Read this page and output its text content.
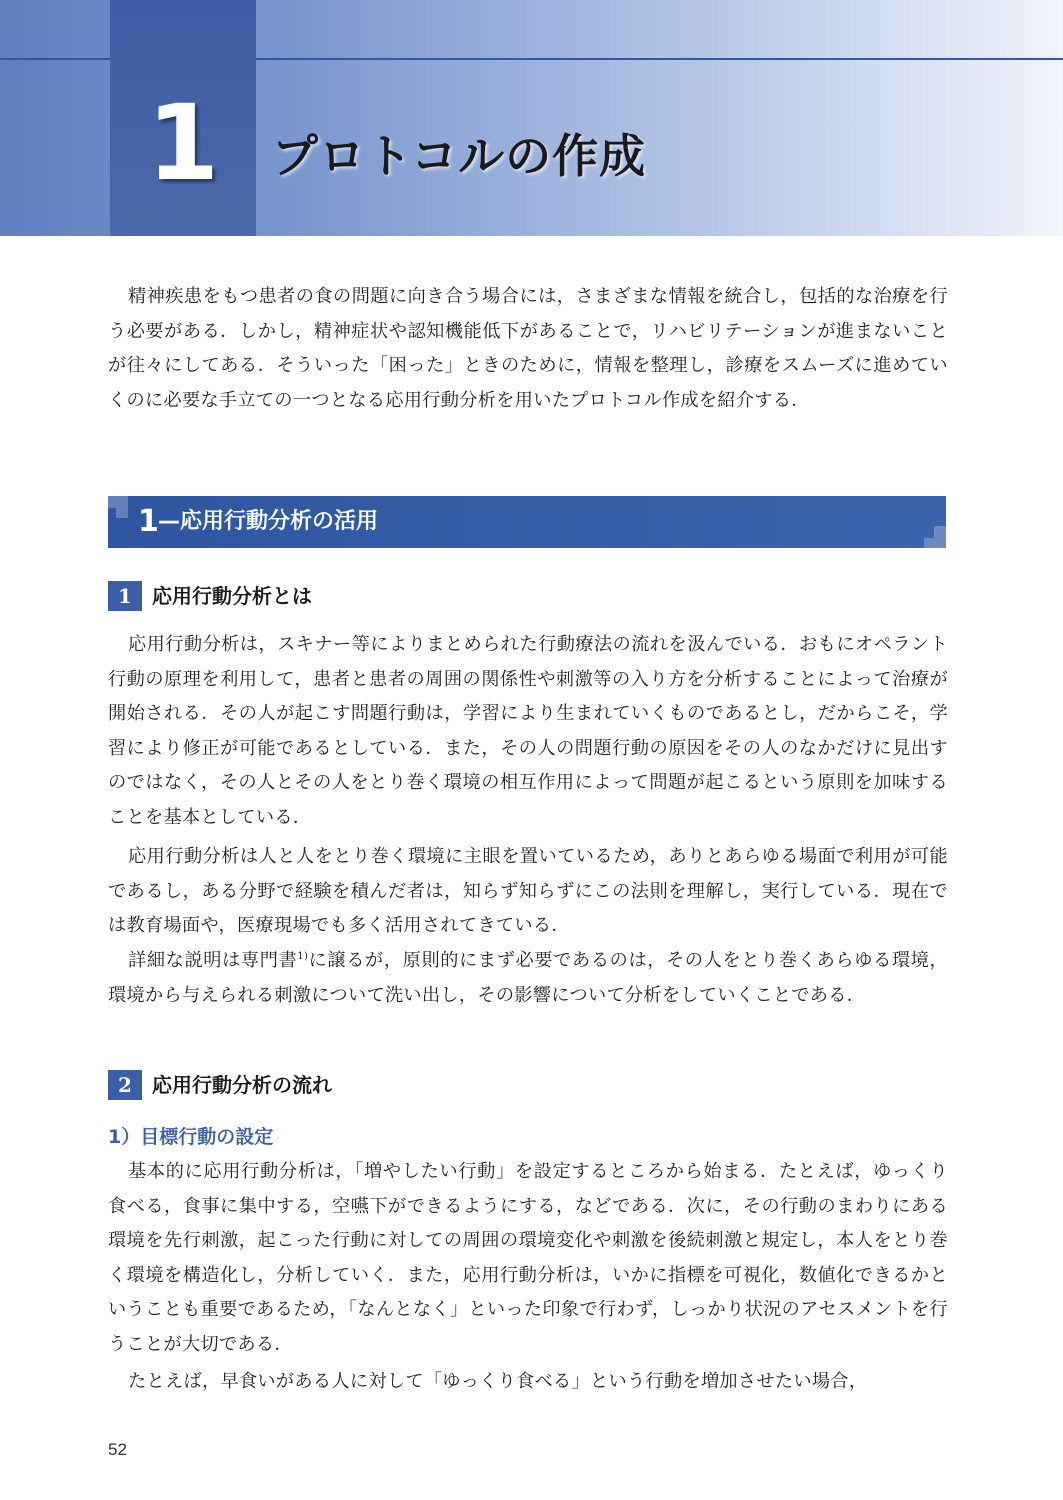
1	プロトコルの作成

精神疾患をもつ患者の食の問題に向き合う場合には，さまざまな情報を統合し，包括的な治療を行う必要がある．しかし，精神症状や認知機能低下があることで，リハビリテーションが進まないことが往々にしてある．そういった「困った」ときのために，情報を整理し，診療をスムーズに進めていくのに必要な手立ての一つとなる応用行動分析を用いたプロトコル作成を紹介する．

1 —応用行動分析の活用
1	応用行動分析とは

応用行動分析は，スキナー等によりまとめられた行動療法の流れを汲んでいる．おもにオペラント行動の原理を利用して，患者と患者の周囲の関係性や刺激等の入り方を分析することによって治療が開始される．その人が起こす問題行動は，学習により生まれていくものであるとし，だからこそ，学習により修正が可能であるとしている．また，その人の問題行動の原因をその人のなかだけに見出すのではなく，その人とその人をとり巻く環境の相互作用によって問題が起こるという原則を加味することを基本としている．

応用行動分析は人と人をとり巻く環境に主眼を置いているため，ありとあらゆる場面で利用が可能であるし，ある分野で経験を積んだ者は，知らず知らずにこの法則を理解し，実行している．現在では教育場面や，医療現場でも多く活用されてきている．

詳細な説明は専門書$^{1)}$に譲るが，原則的にまず必要であるのは，その人をとり巻くあらゆる環境，環境から与えられる刺激について洗い出し，その影響について分析をしていくことである．

2	応用行動分析の流れ
1）目標行動の設定

基本的に応用行動分析は，「増やしたい行動」を設定するところから始まる．たとえば，ゆっくり食べる，食事に集中する，空嚥下ができるようにする，などである．次に，その行動のまわりにある環境を先行刺激，起こった行動に対しての周囲の環境変化や刺激を後続刺激と規定し，本人をとり巻く環境を構造化し，分析していく．また，応用行動分析は，いかに指標を可視化，数値化できるかということも重要であるため，「なんとなく」といった印象で行わず，しっかり状況のアセスメントを行うことが大切である．

たとえば，早食いがある人に対して「ゆっくり食べる」という行動を増加させたい場合，

52
